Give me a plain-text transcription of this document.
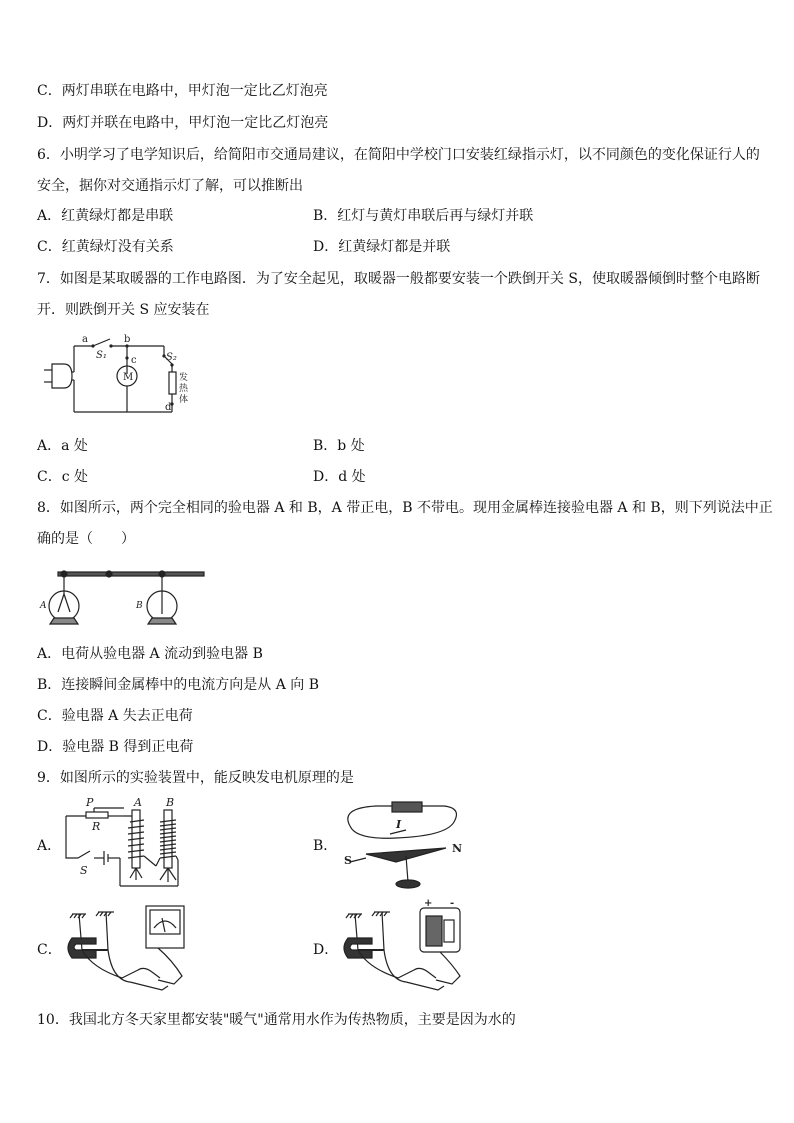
C．两灯串联在电路中，甲灯泡一定比乙灯泡亮
D．两灯并联在电路中，甲灯泡一定比乙灯泡亮
6．小明学习了电学知识后，给简阳市交通局建议，在简阳中学校门口安装红绿指示灯，以不同颜色的变化保证行人的
安全，据你对交通指示灯了解，可以推断出
A．红黄绿灯都是串联	B．红灯与黄灯串联后再与绿灯并联
C．红黄绿灯没有关系	D．红黄绿灯都是并联
7．如图是某取暖器的工作电路图．为了安全起见，取暖器一般都要安装一个跌倒开关 S，使取暖器倾倒时整个电路断
开．则跌倒开关 S 应安装在
a	b
c
d
S₁	S₂
M	发
热
体
A．a 处	B．b 处
C．c 处	D．d 处
8．如图所示，两个完全相同的验电器 A 和 B，A 带正电，B 不带电。现用金属棒连接验电器 A 和 B，则下列说法中正
确的是（　　）
A	B
A．电荷从验电器 A 流动到验电器 B
B．连接瞬间金属棒中的电流方向是从 A 向 B
C．验电器 A 失去正电荷
D．验电器 B 得到正电荷
9．如图所示的实验装置中，能反映发电机原理的是
A．
P
R
S
A B
B．
I
S
N
C．	D．
+ -
10．我国北方冬天家里都安装"暖气"通常用水作为传热物质，主要是因为水的
